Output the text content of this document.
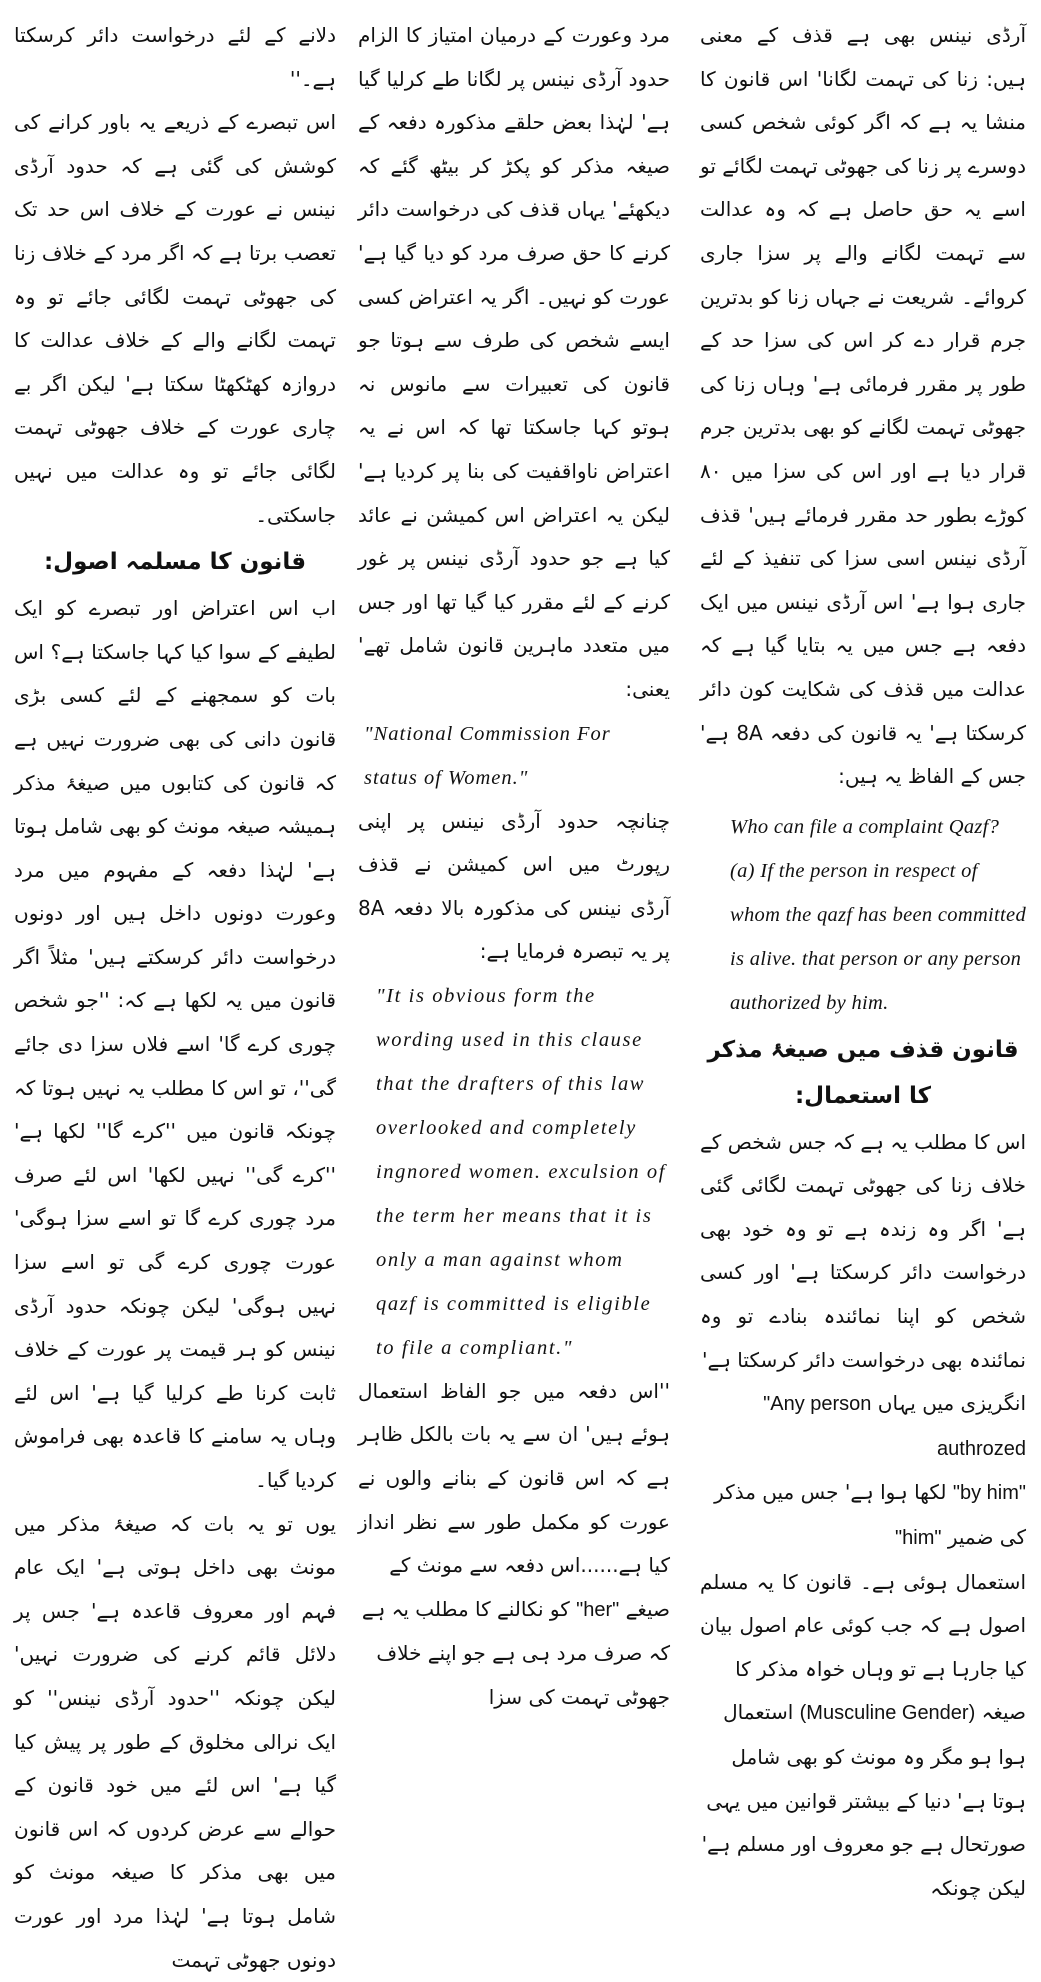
آرڈی نینس بھی ہے قذف کے معنی ہیں: زنا کی تہمت لگانا' اس قانون کا منشا یہ ہے کہ اگر کوئی شخص کسی دوسرے پر زنا کی جھوٹی تہمت لگائے تو اسے یہ حق حاصل ہے کہ وہ عدالت سے تہمت لگانے والے پر سزا جاری کروائے۔ شریعت نے جہاں زنا کو بدترین جرم قرار دے کر اس کی سزا حد کے طور پر مقرر فرمائی ہے' وہاں زنا کی جھوٹی تہمت لگانے کو بھی بدترین جرم قرار دیا ہے اور اس کی سزا میں ۸۰ کوڑے بطور حد مقرر فرمائے ہیں' قذف آرڈی نینس اسی سزا کی تنفیذ کے لئے جاری ہوا ہے' اس آرڈی نینس میں ایک دفعہ ہے جس میں یہ بتایا گیا ہے کہ عدالت میں قذف کی شکایت کون دائر کرسکتا ہے' یہ قانون کی دفعہ 8A ہے' جس کے الفاظ یہ ہیں:

Who can file a complaint Qazf?

(a) If the person in respect of whom the qazf has been committed is alive. that person or any person authorized by him.

قانون قذف میں صیغۂ مذکر کا استعمال:

اس کا مطلب یہ ہے کہ جس شخص کے خلاف زنا کی جھوٹی تہمت لگائی گئی ہے' اگر وہ زندہ ہے تو وہ خود بھی درخواست دائر کرسکتا ہے' اور کسی شخص کو اپنا نمائندہ بنادے تو وہ نمائندہ بھی درخواست دائر کرسکتا ہے'

انگریزی میں یہاں "Any person authrozed

"by him" لکھا ہوا ہے' جس میں مذکر کی ضمیر "him"

استعمال ہوئی ہے۔ قانون کا یہ مسلم اصول ہے کہ جب کوئی عام اصول بیان کیا جارہا ہے تو وہاں خواہ مذکر کا

صیغہ (Musculine Gender) استعمال ہوا ہو مگر وہ مونث کو بھی شامل ہوتا ہے' دنیا کے بیشتر قوانین میں یہی صورتحال ہے جو معروف اور مسلم ہے' لیکن چونکہ

مرد وعورت کے درمیان امتیاز کا الزام حدود آرڈی نینس پر لگانا طے کرلیا گیا ہے' لہٰذا بعض حلقے مذکورہ دفعہ کے صیغہ مذکر کو پکڑ کر بیٹھ گئے کہ دیکھئے' یہاں قذف کی درخواست دائر کرنے کا حق صرف مرد کو دیا گیا ہے' عورت کو نہیں۔ اگر یہ اعتراض کسی ایسے شخص کی طرف سے ہوتا جو قانون کی تعبیرات سے مانوس نہ ہوتو کہا جاسکتا تھا کہ اس نے یہ اعتراض ناواقفیت کی بنا پر کردیا ہے' لیکن یہ اعتراض اس کمیشن نے عائد کیا ہے جو حدود آرڈی نینس پر غور کرنے کے لئے مقرر کیا گیا تھا اور جس میں متعدد ماہرین قانون شامل تھے' یعنی:

"National Commission For status of Women."

چنانچہ حدود آرڈی نینس پر اپنی رپورٹ میں اس کمیشن نے قذف آرڈی نینس کی مذکورہ بالا دفعہ 8A پر یہ تبصرہ فرمایا ہے:

"It is obvious form the wording used in this clause that the drafters of this law overlooked and completely ingnored women. exculsion of the term her means that it is only a man against whom qazf is committed is eligible to file a compliant."

''اس دفعہ میں جو الفاظ استعمال ہوئے ہیں' ان سے یہ بات بالکل ظاہر ہے کہ اس قانون کے بنانے والوں نے عورت کو مکمل طور سے نظر انداز کیا ہے......اس دفعہ سے مونث کے

صیغے "her" کو نکالنے کا مطلب یہ ہے کہ صرف مرد ہی ہے جو اپنے خلاف جھوٹی تہمت کی سزا

دلانے کے لئے درخواست دائر کرسکتا ہے۔''

اس تبصرے کے ذریعے یہ باور کرانے کی کوشش کی گئی ہے کہ حدود آرڈی نینس نے عورت کے خلاف اس حد تک تعصب برتا ہے کہ اگر مرد کے خلاف زنا کی جھوٹی تہمت لگائی جائے تو وہ تہمت لگانے والے کے خلاف عدالت کا دروازہ کھٹکھٹا سکتا ہے' لیکن اگر بے چاری عورت کے خلاف جھوٹی تہمت لگائی جائے تو وہ عدالت میں نہیں جاسکتی۔

قانون کا مسلمہ اصول:

اب اس اعتراض اور تبصرے کو ایک لطیفے کے سوا کیا کہا جاسکتا ہے؟ اس بات کو سمجھنے کے لئے کسی بڑی قانون دانی کی بھی ضرورت نہیں ہے کہ قانون کی کتابوں میں صیغۂ مذکر ہمیشہ صیغہ مونث کو بھی شامل ہوتا ہے' لہٰذا دفعہ کے مفہوم میں مرد وعورت دونوں داخل ہیں اور دونوں درخواست دائر کرسکتے ہیں' مثلاً اگر قانون میں یہ لکھا ہے کہ: ''جو شخص چوری کرے گا' اسے فلاں سزا دی جائے گی''، تو اس کا مطلب یہ نہیں ہوتا کہ چونکہ قانون میں ''کرے گا'' لکھا ہے' ''کرے گی'' نہیں لکھا' اس لئے صرف مرد چوری کرے گا تو اسے سزا ہوگی' عورت چوری کرے گی تو اسے سزا نہیں ہوگی' لیکن چونکہ حدود آرڈی نینس کو ہر قیمت پر عورت کے خلاف ثابت کرنا طے کرلیا گیا ہے' اس لئے وہاں یہ سامنے کا قاعدہ بھی فراموش کردیا گیا۔

یوں تو یہ بات کہ صیغۂ مذکر میں مونث بھی داخل ہوتی ہے' ایک عام فہم اور معروف قاعدہ ہے' جس پر دلائل قائم کرنے کی ضرورت نہیں' لیکن چونکہ ''حدود آرڈی نینس'' کو ایک نرالی مخلوق کے طور پر پیش کیا گیا ہے' اس لئے میں خود قانون کے حوالے سے عرض کردوں کہ اس قانون میں بھی مذکر کا صیغہ مونث کو شامل ہوتا ہے' لہٰذا مرد اور عورت دونوں جھوٹی تہمت
